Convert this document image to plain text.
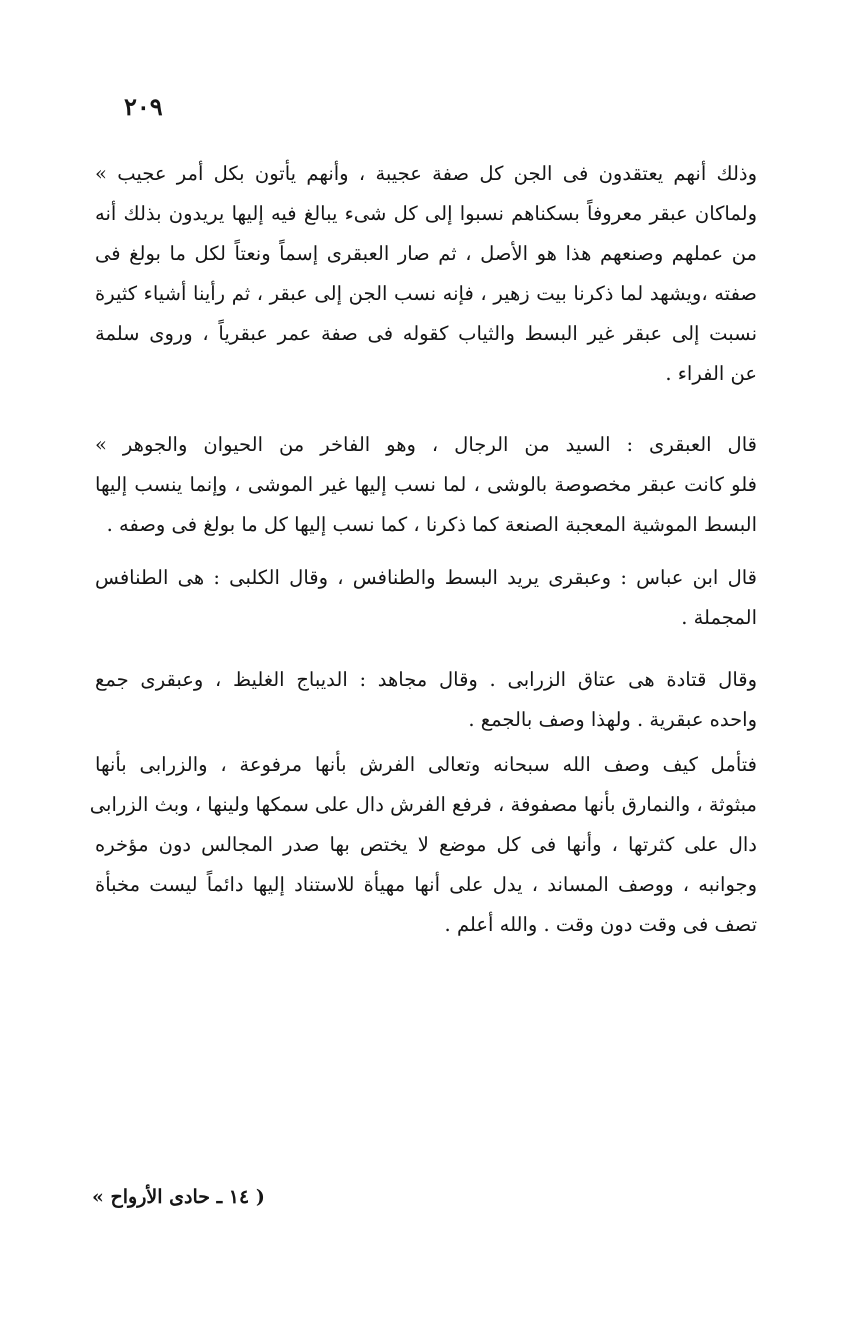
٢٠٩

وذلك أنهم يعتقدون فى الجن كل صفة عجيبة ، وأنهم يأتون بكل أمر عجيب »

ولماكان عبقر معروفاً بسكناهم نسبوا إلى كل شىء يبالغ فيه إليها يريدون بذلك أنه

من عملهم وصنعهم هذا هو الأصل ، ثم صار العبقرى إسماً ونعتاً لكل ما بولغ فى

صفته ،ويشهد لما ذكرنا بيت زهير ، فإنه نسب الجن إلى عبقر ، ثم رأينا أشياء كثيرة

نسبت إلى عبقر غير البسط والثياب كقوله فى صفة عمر عبقرياً ، وروى سلمة

عن الفراء .

قال العبقرى : السيد من الرجال ، وهو الفاخر من الحيوان والجوهر »

فلو كانت عبقر مخصوصة بالوشى ، لما نسب إليها غير الموشى ، وإنما ينسب إليها

البسط الموشية المعجبة الصنعة كما ذكرنا ، كما نسب إليها كل ما بولغ فى وصفه .

قال ابن عباس : وعبقرى يريد البسط والطنافس ، وقال الكلبى : هى الطنافس

المجملة .

وقال قتادة هى عتاق الزرابى . وقال مجاهد : الديباج الغليظ ، وعبقرى جمع

واحده عبقرية . ولهذا وصف بالجمع .

فتأمل كيف وصف الله سبحانه وتعالى الفرش بأنها مرفوعة ، والزرابى بأنها

مبثوثة ، والنمارق بأنها مصفوفة ، فرفع الفرش دال على سمكها ولينها ، وبث الزرابى

دال على كثرتها ، وأنها فى كل موضع لا يختص بها صدر المجالس دون مؤخره

وجوانبه ، ووصف المساند ، يدل على أنها مهيأة للاستناد إليها دائماً ليست مخبأة

تصف فى وقت دون وقت . والله أعلم .

( ١٤ ـ حادى الأرواح »
